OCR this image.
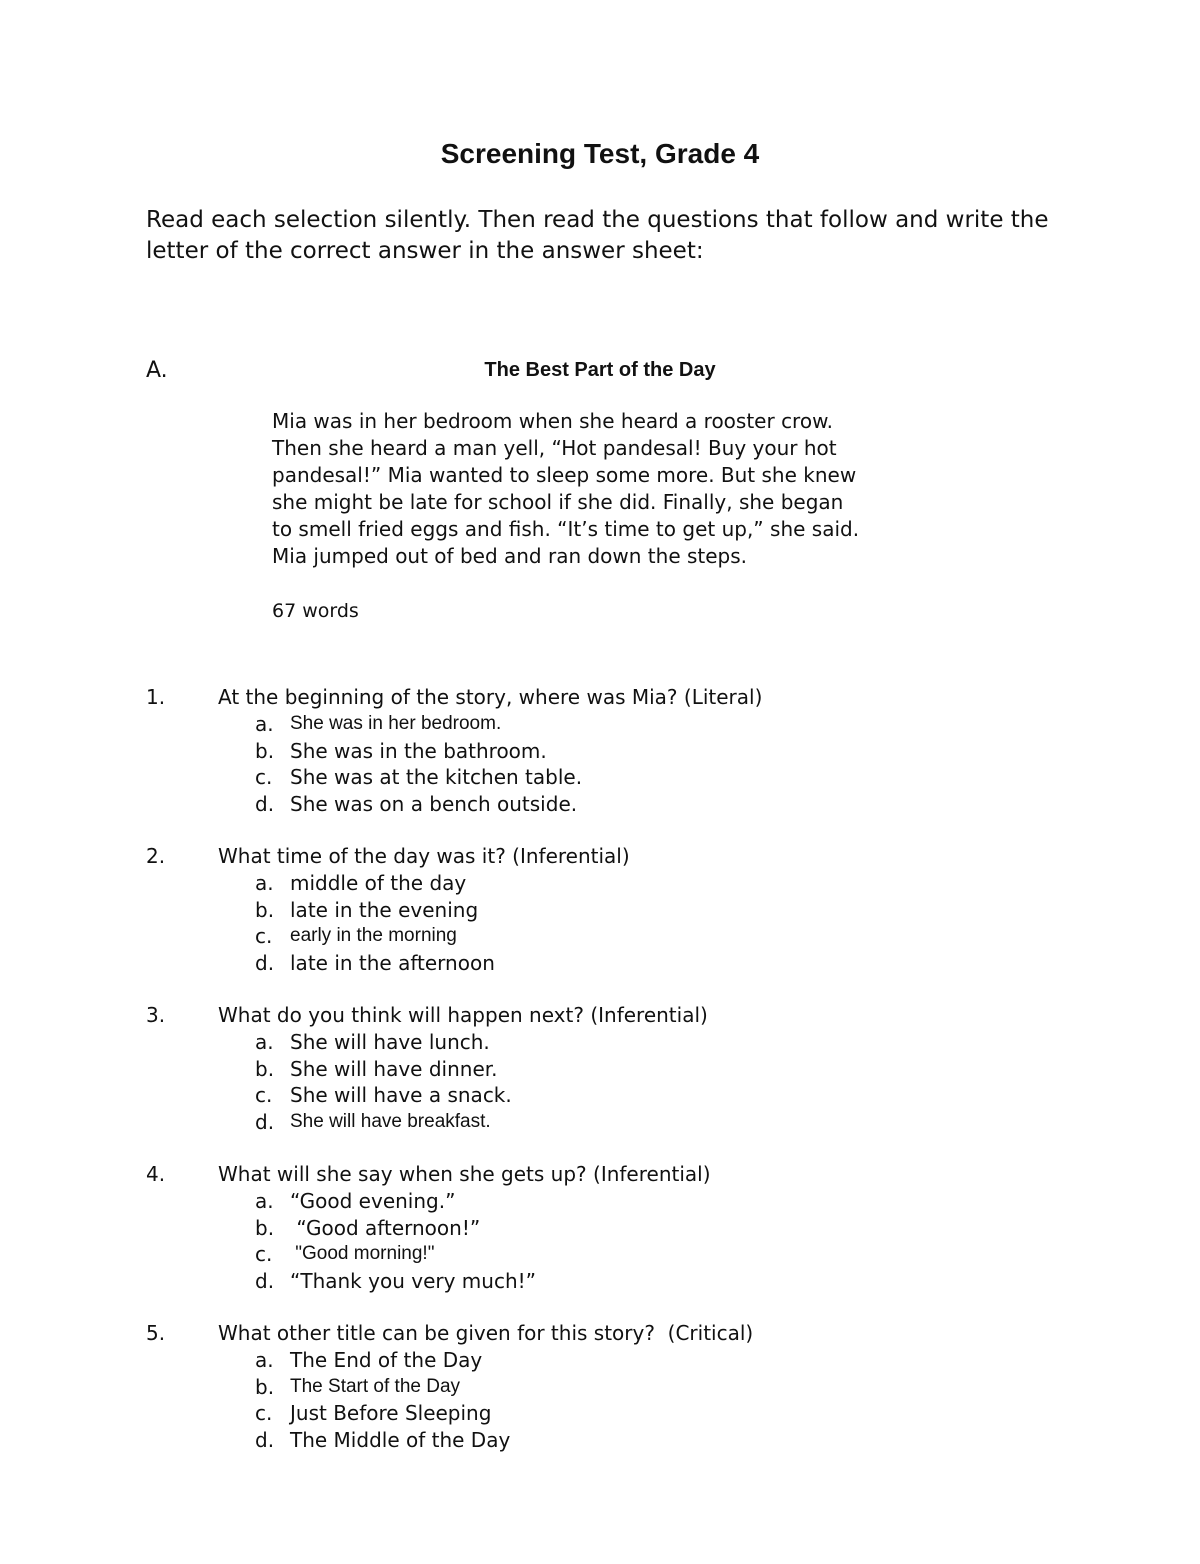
Screening Test, Grade 4
Read each selection silently. Then read the questions that follow and write the
letter of the correct answer in the answer sheet:
A.	The Best Part of the Day
Mia was in her bedroom when she heard a rooster crow.
Then she heard a man yell, “Hot pandesal! Buy your hot
pandesal!” Mia wanted to sleep some more. But she knew
she might be late for school if she did. Finally, she began
to smell fried eggs and fish. “It’s time to get up,” she said.
Mia jumped out of bed and ran down the steps.
67 words
1.	At the beginning of the story, where was Mia? (Literal)
a. She was in her bedroom.
b. She was in the bathroom.
c. She was at the kitchen table.
d. She was on a bench outside.
2.	What time of the day was it? (Inferential)
a. middle of the day
b. late in the evening
c. early in the morning
d. late in the afternoon
3.	What do you think will happen next? (Inferential)
a. She will have lunch.
b. She will have dinner.
c. She will have a snack.
d. She will have breakfast.
4.	What will she say when she gets up? (Inferential)
a. “Good evening.”
b. “Good afternoon!”
c. "Good morning!"
d. “Thank you very much!”
5.	What other title can be given for this story?  (Critical)
a. The End of the Day
b. The Start of the Day
c. Just Before Sleeping
d. The Middle of the Day
